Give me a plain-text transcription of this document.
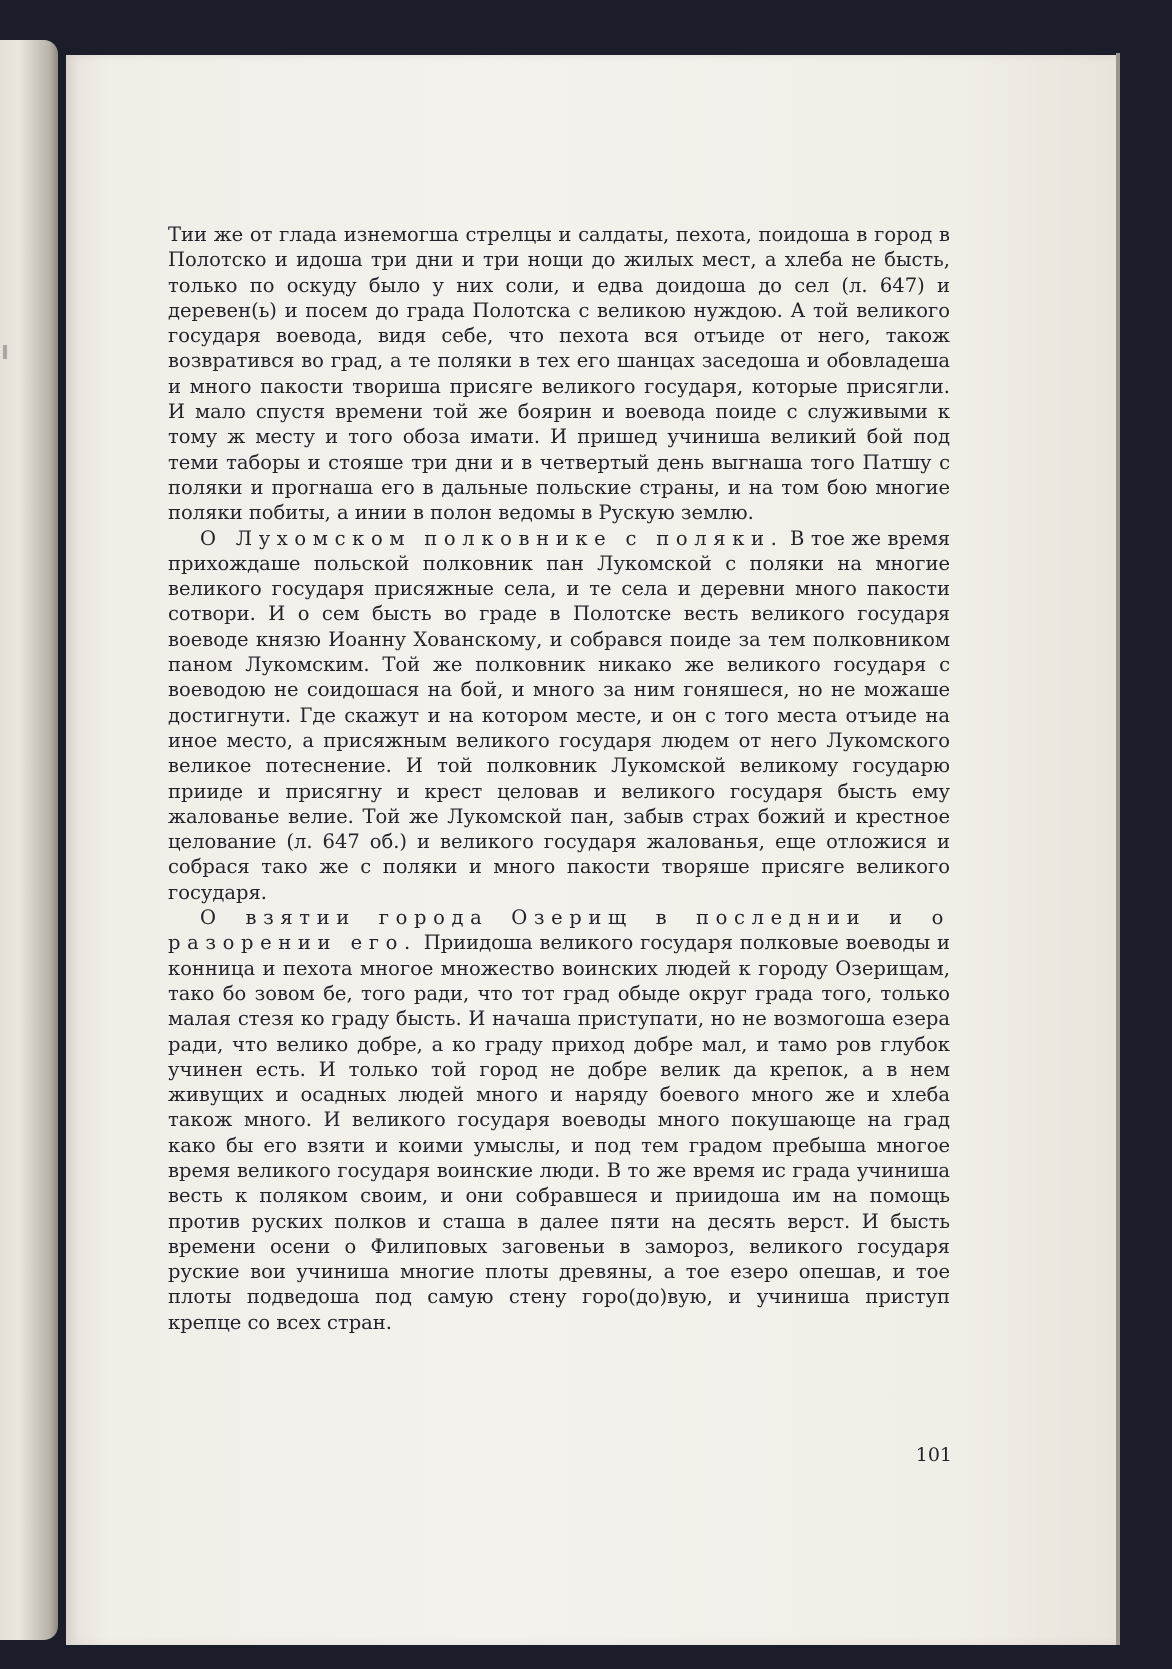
Тии же от глада изнемогша стрелцы и салдаты, пехота, поидоша в город в Полотско и идоша три дни и три нощи до жилых мест, а хлеба не бысть, только по оскуду было у них соли, и едва доидоша до сел (л. 647) и деревен(ь) и посем до града Полотска с великою нуждою. А той великого государя воевода, видя себе, что пехота вся отъиде от него, також возвратився во град, а те поляки в тех его шанцах заседоша и обовладеша и много пакости твориша присяге великого государя, которые присягли. И мало спустя времени той же боярин и воевода поиде с служивыми к тому ж месту и того обоза имати. И пришед учиниша великий бой под теми таборы и стояше три дни и в четвертый день выгнаша того Патшу с поляки и прогнаша его в дальные польские страны, и на том бою многие поляки побиты, а инии в полон ведомы в Рускую землю.

О Лухомском полковнике с поляки. В тое же время прихождаше польской полковник пан Лукомской с поляки на многие великого государя присяжные села, и те села и деревни много пакости сотвори. И о сем бысть во граде в Полотске весть великого государя воеводе князю Иоанну Хованскому, и собрався поиде за тем полковником паном Лукомским. Той же полковник никако же великого государя с воеводою не соидошася на бой, и много за ним гоняшеся, но не можаше достигнути. Где скажут и на котором месте, и он с того места отъиде на иное место, а присяжным великого государя людем от него Лукомского великое потеснение. И той полковник Лукомской великому государю прииде и присягну и крест целовав и великого государя бысть ему жалованье велие. Той же Лукомской пан, забыв страх божий и крестное целование (л. 647 об.) и великого государя жалованья, еще отложися и собрася тако же с поляки и много пакости творяше присяге великого государя.

О взятии города Озерищ в последнии и о разорении его. Приидоша великого государя полковые воеводы и конница и пехота многое множество воинских людей к городу Озерищам, тако бо зовом бе, того ради, что тот град обыде округ града того, только малая стезя ко граду бысть. И начаша приступати, но не возмогоша езера ради, что велико добре, а ко граду приход добре мал, и тамо ров глубок учинен есть. И только той город не добре велик да крепок, а в нем живущих и осадных людей много и наряду боевого много же и хлеба також много. И великого государя воеводы много покушающе на град како бы его взяти и коими умыслы, и под тем градом пребыша многое время великого государя воинские люди. В то же время ис града учиниша весть к поляком своим, и они собравшеся и приидоша им на помощь против руских полков и сташа в далее пяти на десять верст. И бысть времени осени о Филиповых заговеньи в замороз, великого государя руские вои учиниша многие плоты древяны, а тое езеро опешав, и тое плоты подведоша под самую стену горо(до)вую, и учиниша приступ крепце со всех стран.

101
